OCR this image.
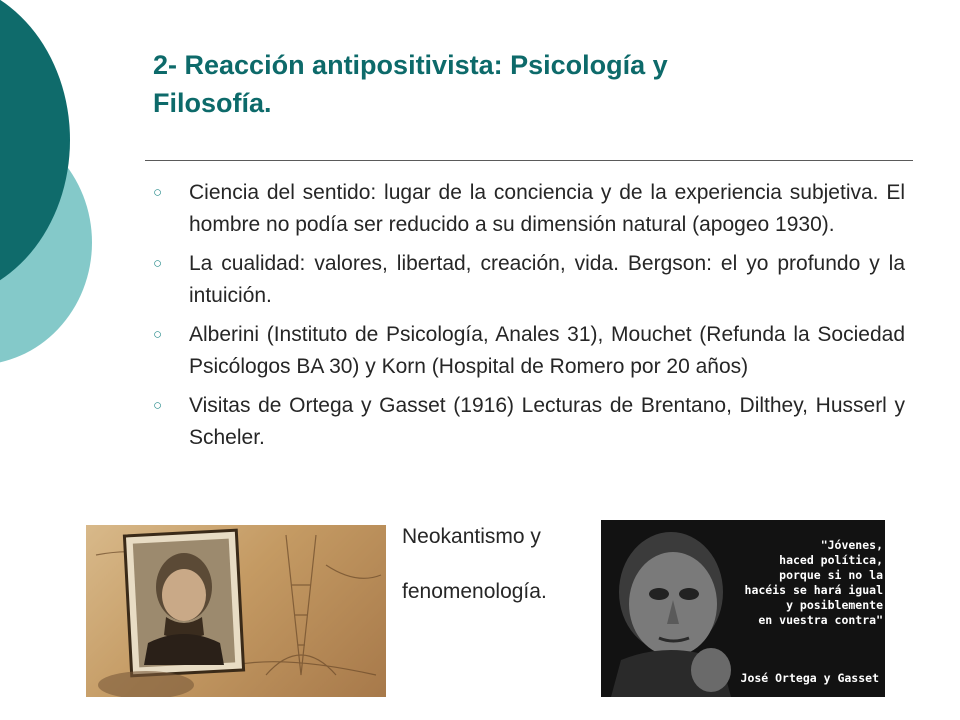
2- Reacción antipositivista: Psicología y
Filosofía.
○	Ciencia del sentido: lugar de la conciencia y de la experiencia subjetiva. El hombre no podía ser reducido a su dimensión natural (apogeo 1930).
○	La cualidad: valores, libertad, creación, vida. Bergson: el yo profundo y la intuición.
○	Alberini (Instituto de Psicología, Anales 31), Mouchet (Refunda la Sociedad Psicólogos BA 30) y Korn (Hospital de Romero por 20 años)
○	Visitas de Ortega y Gasset (1916) Lecturas de Brentano, Dilthey, Husserl y Scheler.
Neokantismo y
fenomenología.
"Jóvenes,
haced política,
porque si no la
hacéis se hará igual
y posiblemente
en vuestra contra"
José Ortega y Gasset
